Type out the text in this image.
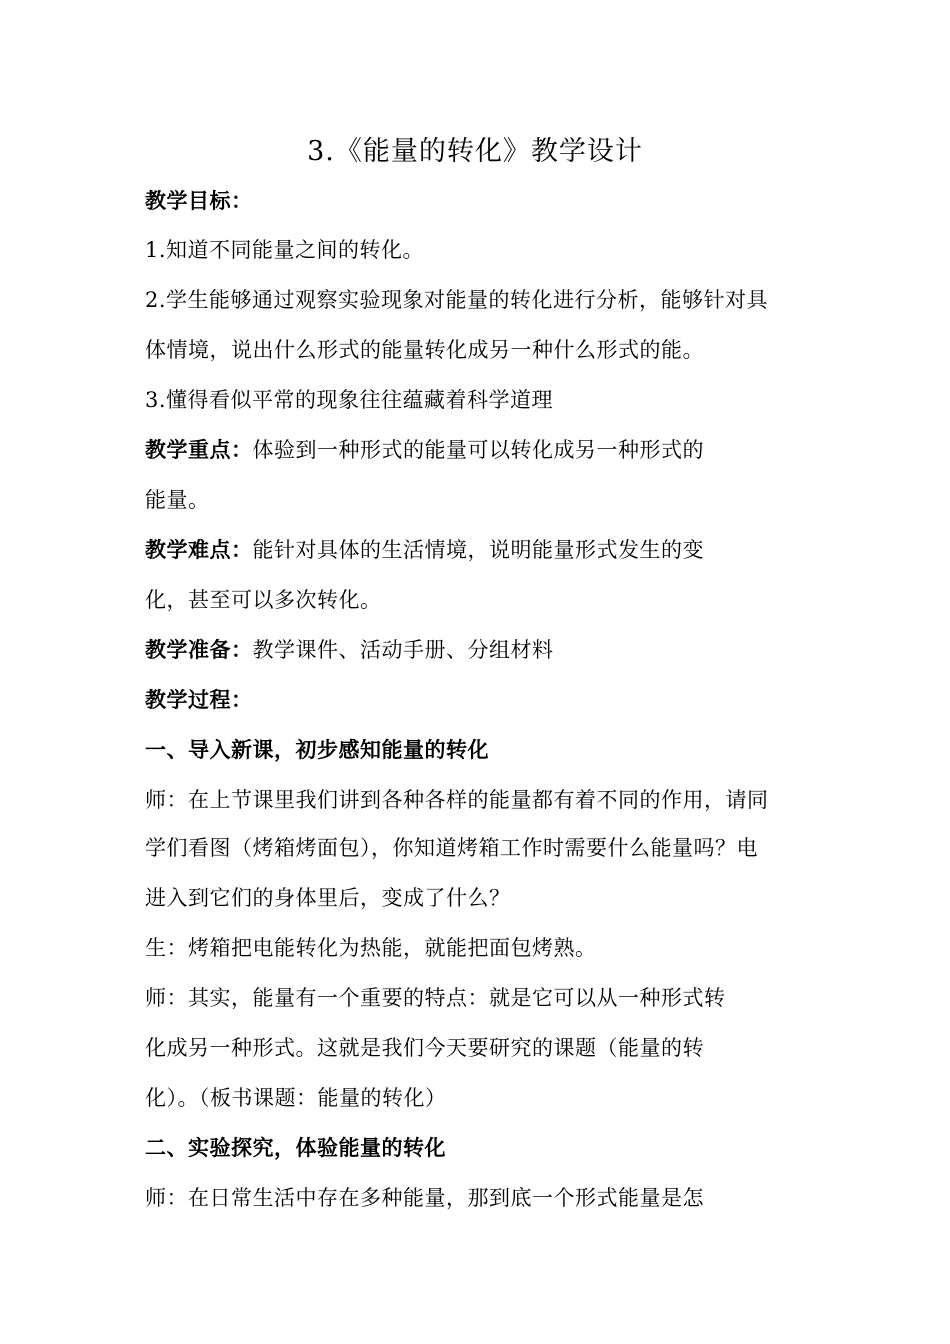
3.《能量的转化》教学设计
教学目标：
1.知道不同能量之间的转化。
2.学生能够通过观察实验现象对能量的转化进行分析，能够针对具
体情境，说出什么形式的能量转化成另一种什么形式的能。
3.懂得看似平常的现象往往蕴藏着科学道理
教学重点：体验到一种形式的能量可以转化成另一种形式的
能量。
教学难点：能针对具体的生活情境，说明能量形式发生的变
化，甚至可以多次转化。
教学准备：教学课件、活动手册、分组材料
教学过程：
一、导入新课，初步感知能量的转化
师：在上节课里我们讲到各种各样的能量都有着不同的作用，请同
学们看图（烤箱烤面包），你知道烤箱工作时需要什么能量吗？电
进入到它们的身体里后，变成了什么？
生：烤箱把电能转化为热能，就能把面包烤熟。
师：其实，能量有一个重要的特点：就是它可以从一种形式转
化成另一种形式。这就是我们今天要研究的课题（能量的转
化）。（板书课题：能量的转化）
二、实验探究，体验能量的转化
师：在日常生活中存在多种能量，那到底一个形式能量是怎
